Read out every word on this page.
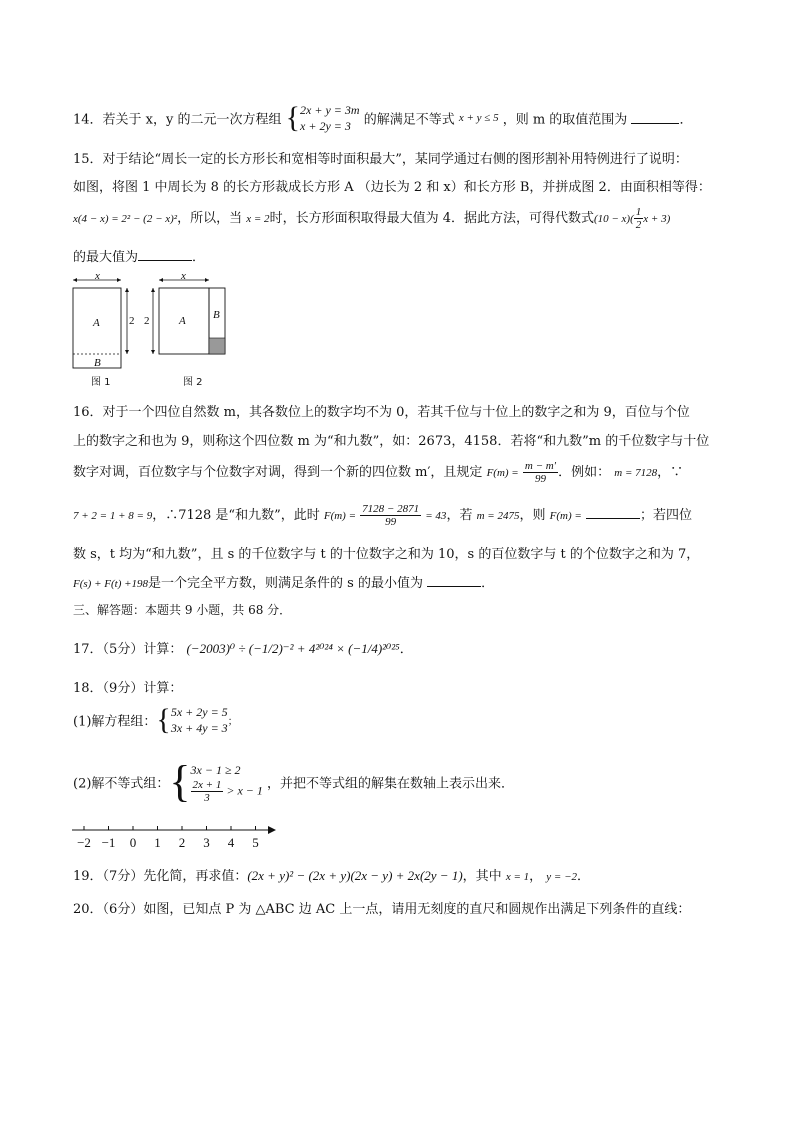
14．若关于 x，y 的二元一次方程组 {2x + y = 3m
x + 2y = 3 的解满足不等式 x + y ≤ 5 ，则 m 的取值范围为	．
15．对于结论“周长一定的长方形长和宽相等时面积最大”，某同学通过右侧的图形割补用特例进行了说明：
如图，将图 1 中周长为 8 的长方形裁成长方形 A （边长为 2 和 x）和长方形 B，并拼成图 2．由面积相等得：
x(4 − x) = 2² − (2 − x)²，所以，当 x = 2时，长方形面积取得最大值为 4．据此方法，可得代数式$(10 - x)( \frac{1}{2}$ x + 3)
的最大值为	．
x
A
B
2
图 1
x
2	A B
图 2
16．对于一个四位自然数 m，其各数位上的数字均不为 0，若其千位与十位上的数字之和为 9，百位与个位
上的数字之和也为 9，则称这个四位数 m 为“和九数”，如：2673，4158．若将“和九数”m 的千位数字与十位
数字对调，百位数字与个位数字对调，得到一个新的四位数 m′，且规定 $F(m) = \frac{m - m'}{99}$ ．例如： m = 7128，∵
7 + 2 = 1 + 8 = 9，∴7128 是“和九数”，此时 $F(m) = \frac{7128 - 2871}{99} = 43$，若 m = 2475，则 F(m) =	；若四位
数 s，t 均为“和九数”，且 s 的千位数字与 t 的十位数字之和为 10，s 的百位数字与 t 的个位数字之和为 7，
F(s) + F(t) +198是一个完全平方数，则满足条件的 s 的最小值为	．
三、解答题：本题共 9 小题，共 68 分．
17．（5分）计算： (−2003)⁰ ÷ (−1/2)⁻² + 4²⁰²⁴ × (−1/4)²⁰²⁵．
18．（9分）计算：
(1)解方程组：{5x + 2y = 5
3x + 4y = 3；
(2)解不等式组：{3x − 1 ≥ 2

$\frac{2x + 1}{3} > x - 1$ ，并把不等式组的解集在数轴上表示出来．
−2 −1 0 1 2 3 4 5
19．（7分）先化简，再求值：(2x + y)² − (2x + y)(2x − y) + 2x(2y − 1)，其中 x = 1， y = −2．
20．（6分）如图，已知点 P 为 △ABC 边 AC 上一点，请用无刻度的直尺和圆规作出满足下列条件的直线：
